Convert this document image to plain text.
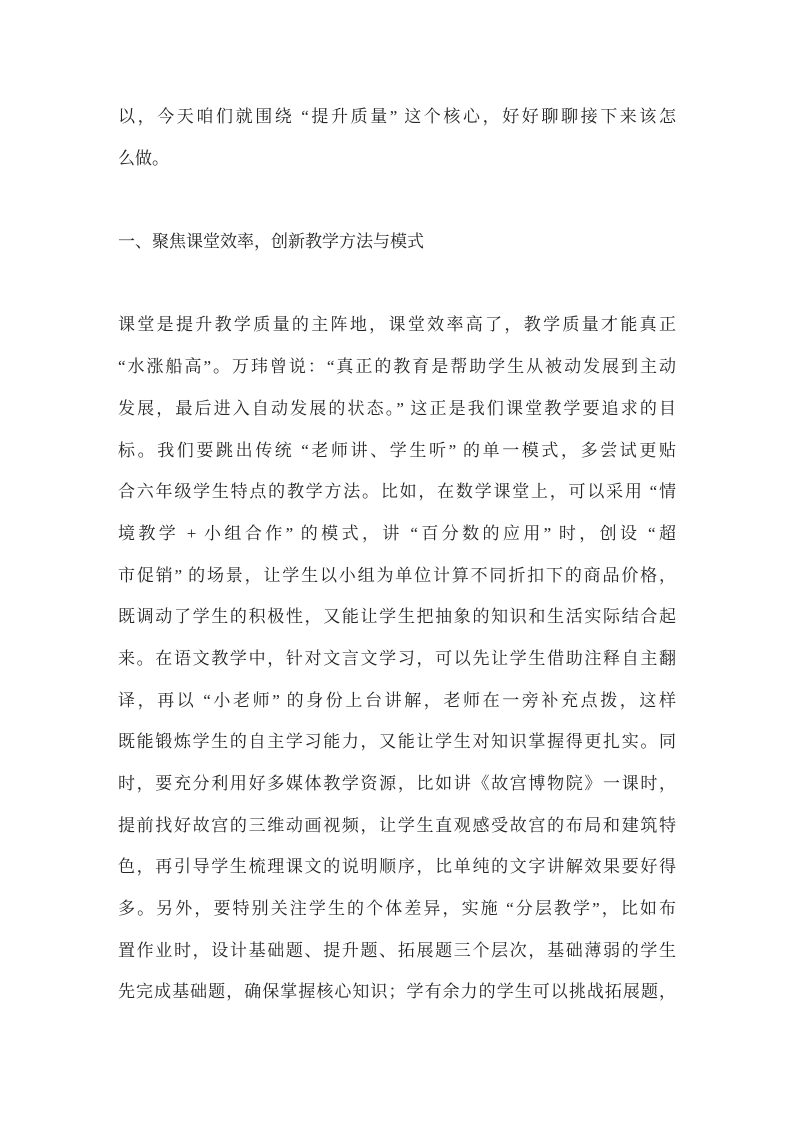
以，今天咱们就围绕 “提升质量” 这个核心，好好聊聊接下来该怎
么做。
一、聚焦课堂效率，创新教学方法与模式
课堂是提升教学质量的主阵地，课堂效率高了，教学质量才能真正
“水涨船高”。万玮曾说：“真正的教育是帮助学生从被动发展到主动
发展，最后进入自动发展的状态。” 这正是我们课堂教学要追求的目
标。我们要跳出传统 “老师讲、学生听” 的单一模式，多尝试更贴
合六年级学生特点的教学方法。比如，在数学课堂上，可以采用 “情
境教学 + 小组合作” 的模式，讲 “百分数的应用” 时，创设 “超
市促销” 的场景，让学生以小组为单位计算不同折扣下的商品价格，
既调动了学生的积极性，又能让学生把抽象的知识和生活实际结合起
来。在语文教学中，针对文言文学习，可以先让学生借助注释自主翻
译，再以 “小老师” 的身份上台讲解，老师在一旁补充点拨，这样
既能锻炼学生的自主学习能力，又能让学生对知识掌握得更扎实。同
时，要充分利用好多媒体教学资源，比如讲《故宫博物院》一课时，
提前找好故宫的三维动画视频，让学生直观感受故宫的布局和建筑特
色，再引导学生梳理课文的说明顺序，比单纯的文字讲解效果要好得
多。另外，要特别关注学生的个体差异，实施 “分层教学”，比如布
置作业时，设计基础题、提升题、拓展题三个层次，基础薄弱的学生
先完成基础题，确保掌握核心知识；学有余力的学生可以挑战拓展题，
